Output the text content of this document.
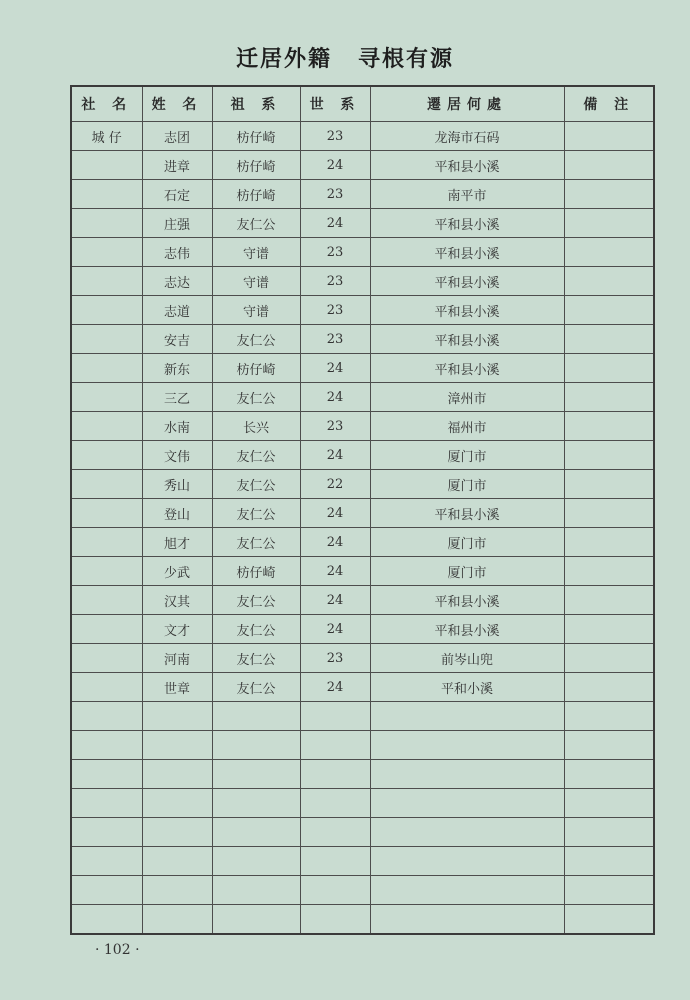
迁居外籍 寻根有源
社 名	姓 名	祖 系	世 系	遷居何處	備 注
城 仔	志团	枋仔崎	23	龙海市石码	
	进章	枋仔崎	24	平和县小溪	
	石定	枋仔崎	23	南平市	
	庄强	友仁公	24	平和县小溪	
	志伟	守谱	23	平和县小溪	
	志达	守谱	23	平和县小溪	
	志道	守谱	23	平和县小溪	
	安吉	友仁公	23	平和县小溪	
	新东	枋仔崎	24	平和县小溪	
	三乙	友仁公	24	漳州市	
	水南	长兴	23	福州市	
	文伟	友仁公	24	厦门市	
	秀山	友仁公	22	厦门市	
	登山	友仁公	24	平和县小溪	
	旭才	友仁公	24	厦门市	
	少武	枋仔崎	24	厦门市	
	汉其	友仁公	24	平和县小溪	
	文才	友仁公	24	平和县小溪	
	河南	友仁公	23	前岑山兜	
	世章	友仁公	24	平和小溪	

· 102 ·
